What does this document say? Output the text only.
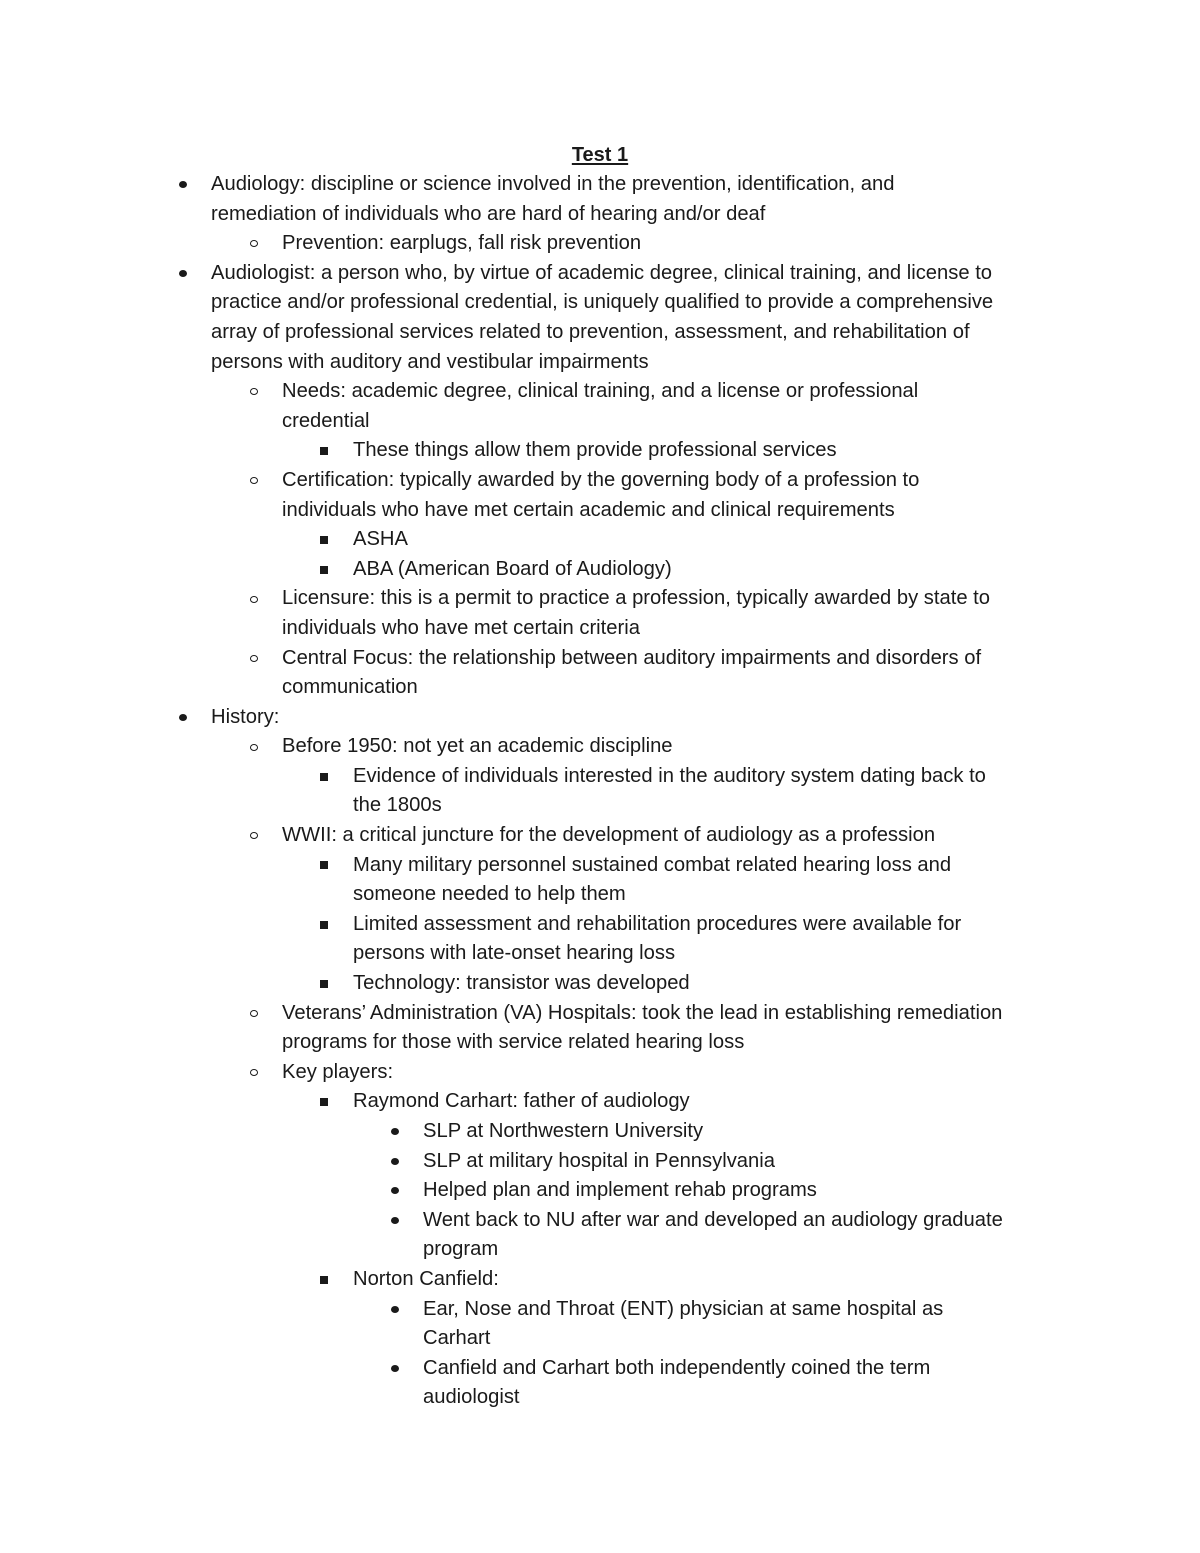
Test 1
Audiology: discipline or science involved in the prevention, identification, and
remediation of individuals who are hard of hearing and/or deaf
Prevention: earplugs, fall risk prevention
Audiologist: a person who, by virtue of academic degree, clinical training, and license to
practice and/or professional credential, is uniquely qualified to provide a comprehensive
array of professional services related to prevention, assessment, and rehabilitation of
persons with auditory and vestibular impairments
Needs: academic degree, clinical training, and a license or professional
credential
These things allow them provide professional services
Certification: typically awarded by the governing body of a profession to
individuals who have met certain academic and clinical requirements
ASHA
ABA (American Board of Audiology)
Licensure: this is a permit to practice a profession, typically awarded by state to
individuals who have met certain criteria
Central Focus: the relationship between auditory impairments and disorders of
communication
History:
Before 1950: not yet an academic discipline
Evidence of individuals interested in the auditory system dating back to
the 1800s
WWII: a critical juncture for the development of audiology as a profession
Many military personnel sustained combat related hearing loss and
someone needed to help them
Limited assessment and rehabilitation procedures were available for
persons with late-onset hearing loss
Technology: transistor was developed
Veterans’ Administration (VA) Hospitals: took the lead in establishing remediation
programs for those with service related hearing loss
Key players:
Raymond Carhart: father of audiology
SLP at Northwestern University
SLP at military hospital in Pennsylvania
Helped plan and implement rehab programs
Went back to NU after war and developed an audiology graduate
program
Norton Canfield:
Ear, Nose and Throat (ENT) physician at same hospital as
Carhart
Canfield and Carhart both independently coined the term
audiologist
